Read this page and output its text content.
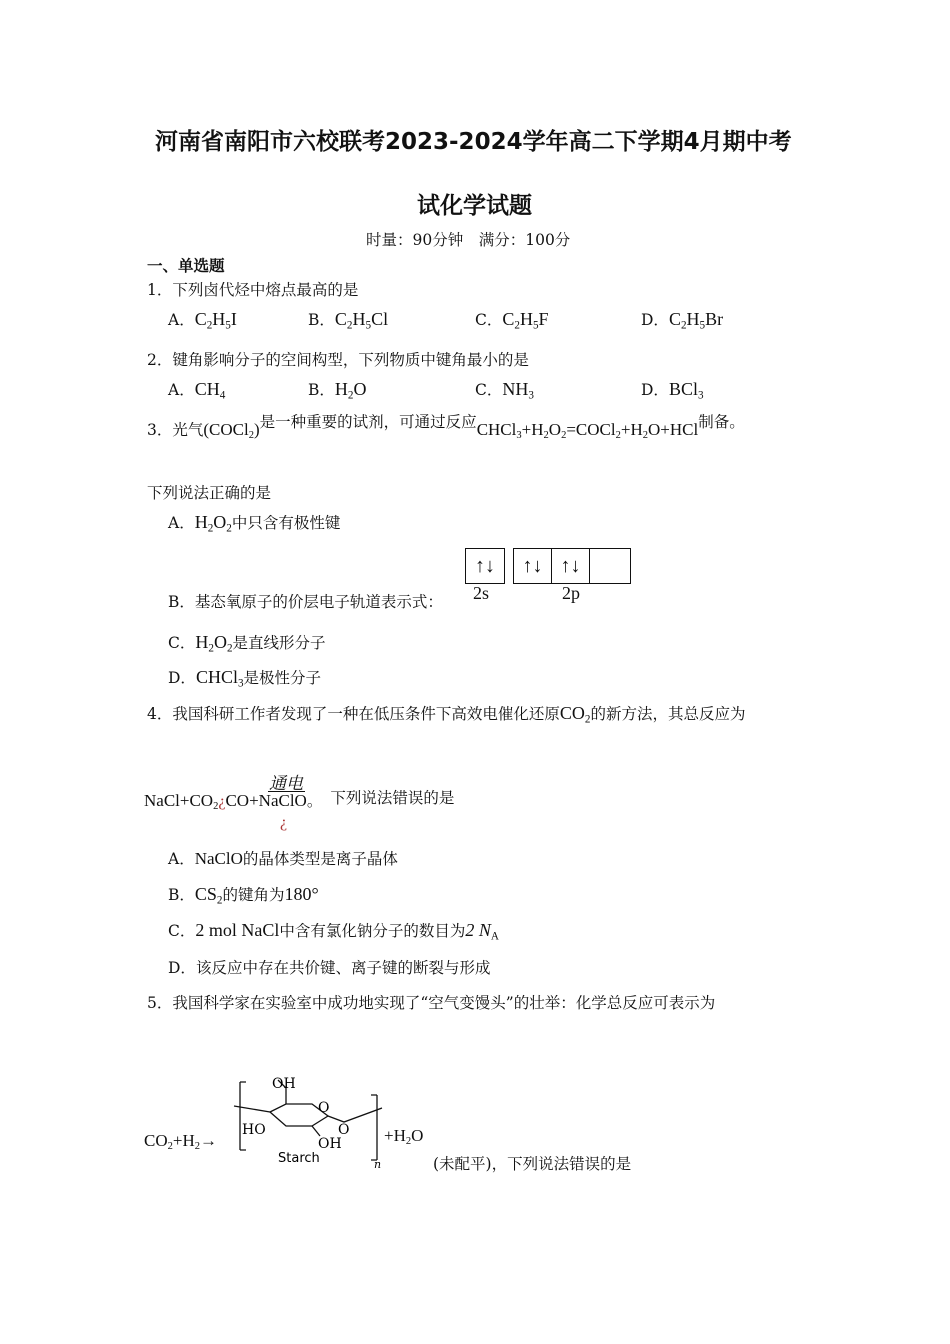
河南省南阳市六校联考2023-2024学年高二下学期4月期中考
试化学试题
时量：90分钟　满分：100分
一、单选题
1．下列卤代烃中熔点最高的是
A．$C_2H_5I$	B．$C_2H_5Cl$	C．$C_2H_5F$	D．$C_2H_5Br$
2．键角影响分子的空间构型，下列物质中键角最小的是
A．$CH_4$	B．$H_2O$	C．$NH_3$	D．BCl$_3$
3．光气(COCl$_2$)是一种重要的试剂，可通过反应$CHCl_3+H_2O_2=COCl_2+H_2O+HCl$制备。
下列说法正确的是
A．$H_2O_2$中只含有极性键
B．基态氧原子的价层电子轨道表示式：
↑↓	↑↓ ↑↓
2s	2p
C．$H_2O_2$是直线形分子
D．CHCl$_3$是极性分子
4．我国科研工作者发现了一种在低压条件下高效电催化还原$CO_2$的新方法，其总反应为
通电
$NaCl+CO_2¿CO+NaClO$。 下列说法错误的是
¿
A．NaClO的晶体类型是离子晶体
B．$CS_2$的键角为180°
C．2 mol NaCl中含有氯化钠分子的数目为2 $N_A$
D．该反应中存在共价键、离子键的断裂与形成
5．我国科学家在实验室中成功地实现了“空气变馒头”的壮举：化学总反应可表示为
$CO_2+H_2\to$
OH
O
HO	O
OH
Starch	n
$+H_2O$
(未配平)，下列说法错误的是
